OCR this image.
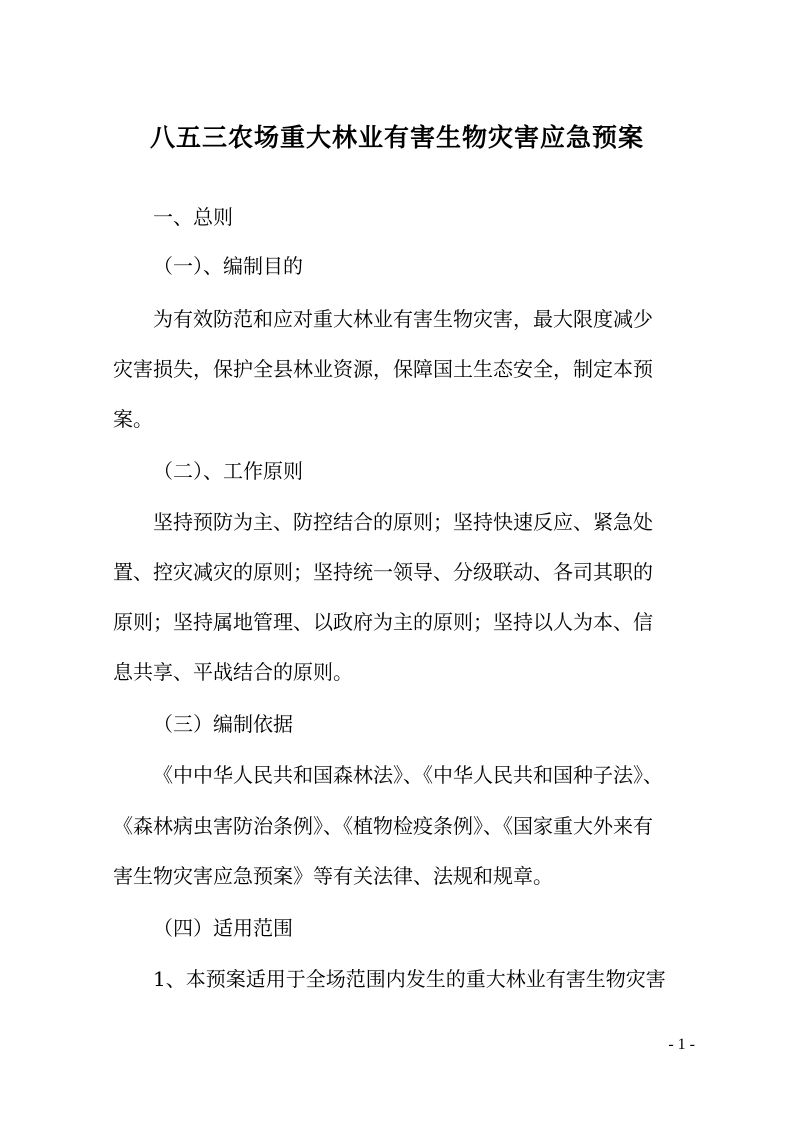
八五三农场重大林业有害生物灾害应急预案

一、总则

（一）、编制目的

为有效防范和应对重大林业有害生物灾害，最大限度减少

灾害损失，保护全县林业资源，保障国土生态安全，制定本预

案。

（二）、工作原则

坚持预防为主、防控结合的原则；坚持快速反应、紧急处

置、控灾减灾的原则；坚持统一领导、分级联动、各司其职的

原则；坚持属地管理、以政府为主的原则；坚持以人为本、信

息共享、平战结合的原则。

（三）编制依据

《中中华人民共和国森林法》、《中华人民共和国种子法》、

《森林病虫害防治条例》、《植物检疫条例》、《国家重大外来有

害生物灾害应急预案》等有关法律、法规和规章。

（四）适用范围

1、本预案适用于全场范围内发生的重大林业有害生物灾害

- 1 -
